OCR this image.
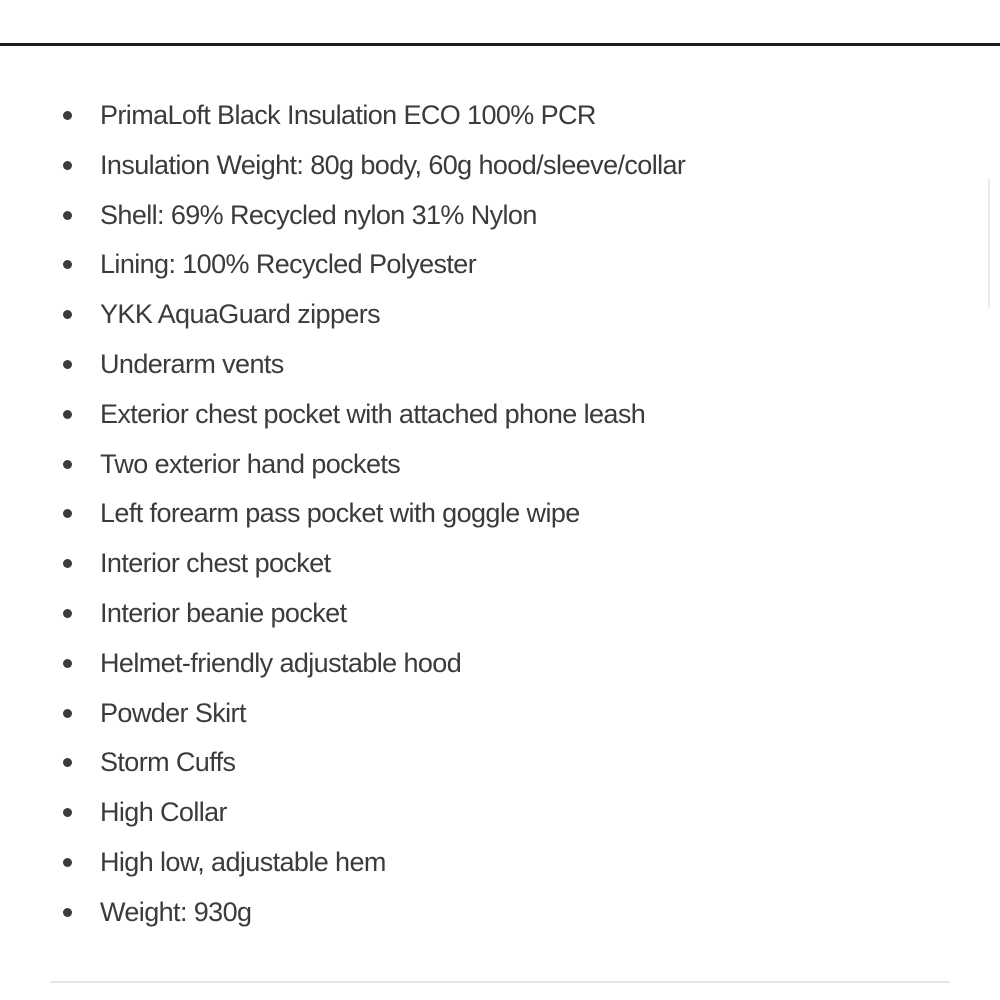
PrimaLoft Black Insulation ECO 100% PCR
Insulation Weight: 80g body, 60g hood/sleeve/collar
Shell: 69% Recycled nylon 31% Nylon
Lining: 100% Recycled Polyester
YKK AquaGuard zippers
Underarm vents
Exterior chest pocket with attached phone leash
Two exterior hand pockets
Left forearm pass pocket with goggle wipe
Interior chest pocket
Interior beanie pocket
Helmet-friendly adjustable hood
Powder Skirt
Storm Cuffs
High Collar
High low, adjustable hem
Weight: 930g
